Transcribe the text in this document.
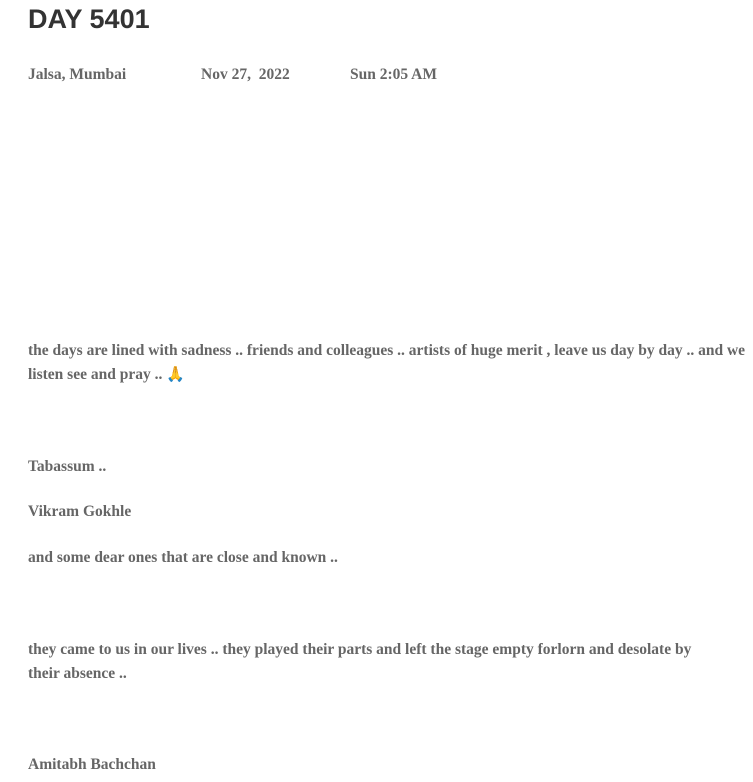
DAY 5401
Jalsa, Mumbai	Nov 27,  2022	Sun 2:05 AM

the days are lined with sadness .. friends and colleagues .. artists of huge merit , leave us day by day .. and we listen see and pray .. 🙏

Tabassum ..

Vikram Gokhle

and some dear ones that are close and known ..

they came to us in our lives .. they played their parts and left the stage empty forlorn and desolate by their absence ..

Amitabh Bachchan
